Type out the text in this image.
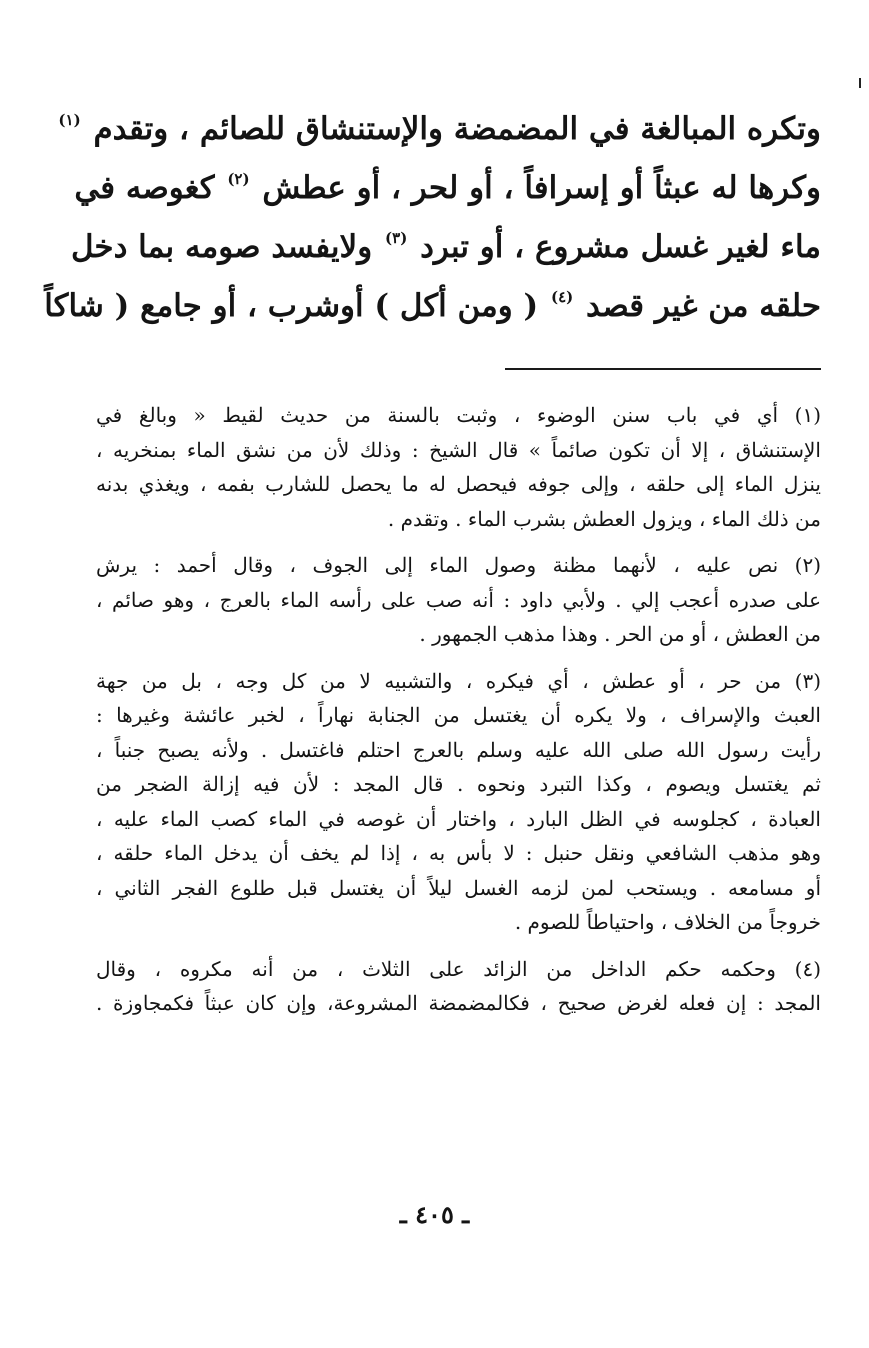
وتكره المبالغة في المضمضة والإستنشاق للصائم ، وتقدم $^{(١)}$
وكرها له عبثاً أو إسرافاً ، أو لحر ، أو عطش $^{(٢)}$ كغوصه في
ماء لغير غسل مشروع ، أو تبرد $^{(٣)}$ ولايفسد صومه بما دخل
حلقه من غير قصد $^{(٤)}$ ( ومن أكل ) أوشرب ، أو جامع ( شاكاً
(١) أي في باب سنن الوضوء ، وثبت بالسنة من حديث لقيط « وبالغ في
الإستنشاق ، إلا أن تكون صائماً » قال الشيخ : وذلك لأن من نشق الماء بمنخريه ،
ينزل الماء إلى حلقه ، وإلى جوفه فيحصل له ما يحصل للشارب بفمه ، ويغذي بدنه
من ذلك الماء ، ويزول العطش بشرب الماء . وتقدم .
(٢) نص عليه ، لأنهما مظنة وصول الماء إلى الجوف ، وقال أحمد : يرش
على صدره أعجب إلي . ولأبي داود : أنه صب على رأسه الماء بالعرج ، وهو صائم ،
من العطش ، أو من الحر . وهذا مذهب الجمهور .
(٣) من حر ، أو عطش ، أي فيكره ، والتشبيه لا من كل وجه ، بل من جهة
العبث والإسراف ، ولا يكره أن يغتسل من الجنابة نهاراً ، لخبر عائشة وغيرها :
رأيت رسول الله صلى الله عليه وسلم بالعرج احتلم فاغتسل . ولأنه يصبح جنباً ،
ثم يغتسل ويصوم ، وكذا التبرد ونحوه . قال المجد : لأن فيه إزالة الضجر من
العبادة ، كجلوسه في الظل البارد ، واختار أن غوصه في الماء كصب الماء عليه ،
وهو مذهب الشافعي ونقل حنبل : لا بأس به ، إذا لم يخف أن يدخل الماء حلقه ،
أو مسامعه . ويستحب لمن لزمه الغسل ليلاً أن يغتسل قبل طلوع الفجر الثاني ،
خروجاً من الخلاف ، واحتياطاً للصوم .
(٤) وحكمه حكم الداخل من الزائد على الثلاث ، من أنه مكروه ، وقال
المجد : إن فعله لغرض صحيح ، فكالمضمضة المشروعة، وإن كان عبثاً فكمجاوزة .
ـ ٤٠٥ ـ
